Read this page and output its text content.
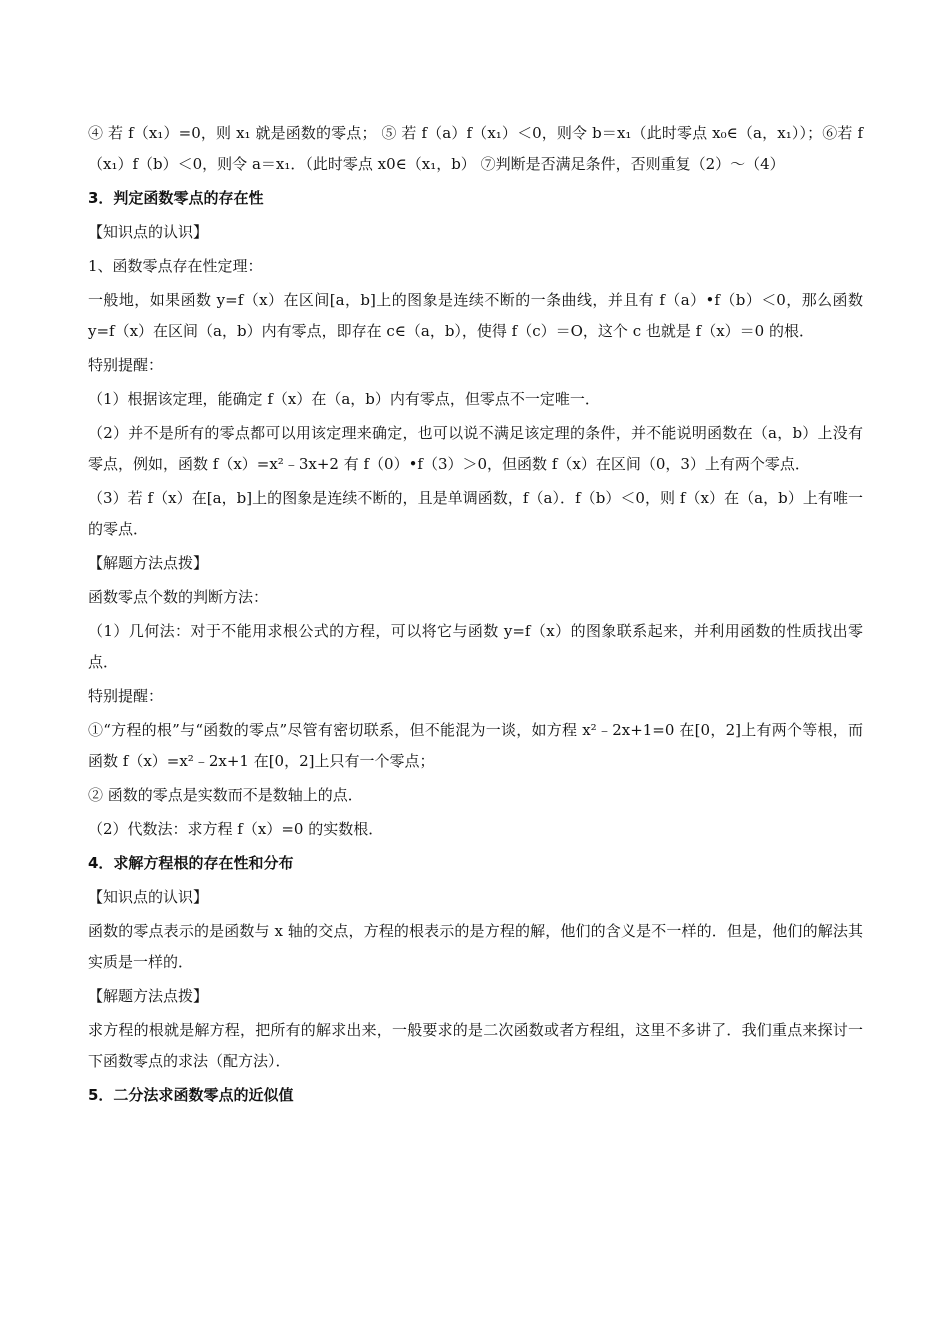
④ 若 f（x₁）=0，则 x₁ 就是函数的零点； ⑤ 若 f（a）f（x₁）＜0，则令 b＝x₁（此时零点 x₀∈（a，x₁））；⑥若 f（x₁）f（b）＜0，则令 a＝x₁．（此时零点 x0∈（x₁，b） ⑦判断是否满足条件，否则重复（2）～（4）

3．判定函数零点的存在性

【知识点的认识】

1、函数零点存在性定理：

一般地，如果函数 y=f（x）在区间[a，b]上的图象是连续不断的一条曲线，并且有 f（a）•f（b）＜0，那么函数 y=f（x）在区间（a，b）内有零点，即存在 c∈（a，b），使得 f（c）＝O，这个 c 也就是 f（x）＝0 的根．

特别提醒：

（1）根据该定理，能确定 f（x）在（a，b）内有零点，但零点不一定唯一．

（2）并不是所有的零点都可以用该定理来确定，也可以说不满足该定理的条件，并不能说明函数在（a，b）上没有零点，例如，函数 f（x）=x²﹣3x+2 有 f（0）•f（3）＞0，但函数 f（x）在区间（0，3）上有两个零点．

（3）若 f（x）在[a，b]上的图象是连续不断的，且是单调函数，f（a）．f（b）＜0，则 f（x）在（a，b）上有唯一的零点．

【解题方法点拨】

函数零点个数的判断方法：

（1）几何法：对于不能用求根公式的方程，可以将它与函数 y=f（x）的图象联系起来，并利用函数的性质找出零点．

特别提醒：

①“方程的根”与“函数的零点”尽管有密切联系，但不能混为一谈，如方程 x²﹣2x+1=0 在[0，2]上有两个等根，而函数 f（x）=x²﹣2x+1 在[0，2]上只有一个零点；

② 函数的零点是实数而不是数轴上的点．

（2）代数法：求方程 f（x）=0 的实数根．

4．求解方程根的存在性和分布

【知识点的认识】

函数的零点表示的是函数与 x 轴的交点，方程的根表示的是方程的解，他们的含义是不一样的．但是，他们的解法其实质是一样的．

【解题方法点拨】

求方程的根就是解方程，把所有的解求出来，一般要求的是二次函数或者方程组，这里不多讲了．我们重点来探讨一下函数零点的求法（配方法）．

5．二分法求函数零点的近似值
